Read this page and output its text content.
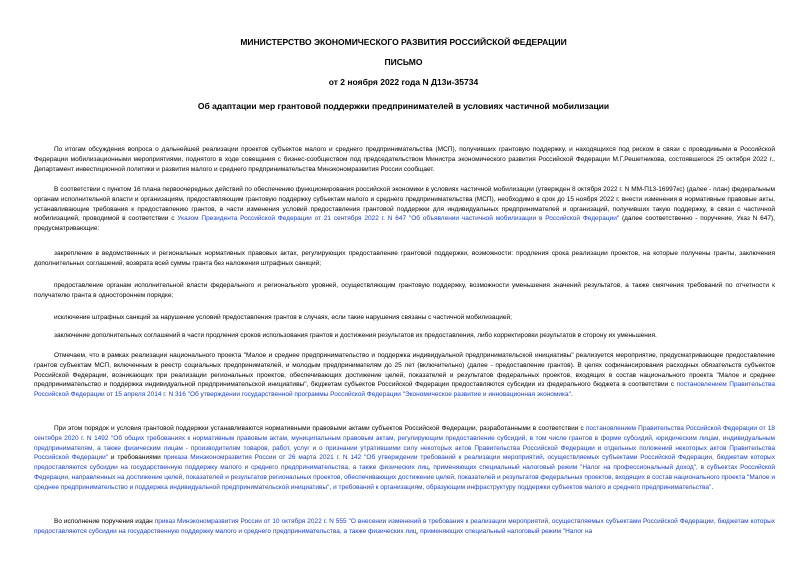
МИНИСТЕРСТВО ЭКОНОМИЧЕСКОГО РАЗВИТИЯ РОССИЙСКОЙ ФЕДЕРАЦИИ
ПИСЬМО
от 2 ноября 2022 года N Д13и-35734
Об адаптации мер грантовой поддержки предпринимателей в условиях частичной мобилизации
По итогам обсуждения вопроса о дальнейшей реализации проектов субъектов малого и среднего предпринимательства (МСП), получивших грантовую поддержку, и находящихся под риском в связи с проводимыми в Российской Федерации мобилизационными мероприятиями, поднятого в ходе совещания с бизнес-сообществом под председательством Министра экономического развития Российской Федерации М.Г.Решетникова, состоявшегося 25 октября 2022 г., Департамент инвестиционной политики и развития малого и среднего предпринимательства Минэкономразвития России сообщает.
В соответствии с пунктом 16 плана первоочередных действий по обеспечению функционирования российской экономики в условиях частичной мобилизации (утвержден 8 октября 2022 г. N ММ-П13-16997кс) (далее - план) федеральным органам исполнительной власти и организациям, предоставляющим грантовую поддержку субъектам малого и среднего предпринимательства (МСП), необходимо в срок до 15 ноября 2022 г. внести изменения в нормативные правовые акты, устанавливающие требования к предоставлению грантов, в части изменения условий предоставления грантовой поддержки для индивидуальных предпринимателей и организаций, получивших такую поддержку, в связи с частичной мобилизацией, проводимой в соответствии с Указом Президента Российской Федерации от 21 сентября 2022 г. N 647 "Об объявлении частичной мобилизации в Российской Федерации" (далее соответственно - поручение, Указ N 647), предусматривающие:
закрепление в ведомственных и региональных нормативных правовых актах, регулирующих предоставление грантовой поддержки, возможности: продления срока реализации проектов, на которые получены гранты, заключения дополнительных соглашений, возврата всей суммы гранта без наложения штрафных санкций;
предоставление органам исполнительной власти федерального и регионального уровней, осуществляющим грантовую поддержку, возможности уменьшения значений результатов, а также смягчения требований по отчетности к получателю гранта в одностороннем порядке;
исключение штрафных санкций за нарушение условий предоставления грантов в случаях, если такие нарушения связаны с частичной мобилизацией;
заключение дополнительных соглашений в части продления сроков использования грантов и достижения результатов их предоставления, либо корректировки результатов в сторону их уменьшения.
Отмечаем, что в рамках реализации национального проекта "Малое и среднее предпринимательство и поддержка индивидуальной предпринимательской инициативы" реализуется мероприятие, предусматривающее предоставление грантов субъектам МСП, включенным в реестр социальных предпринимателей, и молодым предпринимателям до 25 лет (включительно) (далее - предоставление грантов). В целях софинансирования расходных обязательств субъектов Российской Федерации, возникающих при реализации региональных проектов, обеспечивающих достижение целей, показателей и результатов федеральных проектов, входящих в состав национального проекта "Малое и среднее предпринимательство и поддержка индивидуальной предпринимательской инициативы", бюджетам субъектов Российской Федерации предоставляются субсидии из федерального бюджета в соответствии с постановлением Правительства Российской Федерации от 15 апреля 2014 г. N 316 "Об утверждении государственной программы Российской Федерации "Экономическое развитие и инновационная экономика".
При этом порядок и условия грантовой поддержки устанавливаются нормативными правовыми актами субъектов Российской Федерации, разработанными в соответствии с постановлением Правительства Российской Федерации от 18 сентября 2020 г. N 1492 "Об общих требованиях к нормативным правовым актам, муниципальным правовым актам, регулирующим предоставление субсидий, в том числе грантов в форме субсидий, юридическим лицам, индивидуальным предпринимателям, а также физическим лицам - производителям товаров, работ, услуг и о признании утратившими силу некоторых актов Правительства Российской Федерации и отдельных положений некоторых актов Правительства Российской Федерации" и требованиями приказа Минэкономразвития России от 26 марта 2021 г. N 142 "Об утверждении требований к реализации мероприятий, осуществляемых субъектами Российской Федерации, бюджетам которых предоставляются субсидии на государственную поддержку малого и среднего предпринимательства, а также физических лиц, применяющих специальный налоговый режим "Налог на профессиональный доход", в субъектах Российской Федерации, направленных на достижение целей, показателей и результатов региональных проектов, обеспечивающих достижение целей, показателей и результатов федеральных проектов, входящих в состав национального проекта "Малое и среднее предпринимательство и поддержка индивидуальной предпринимательской инициативы", и требований к организациям, образующим инфраструктуру поддержки субъектов малого и среднего предпринимательства".
Во исполнение поручения издан приказ Минэкономразвития России от 10 октября 2022 г. N 555 "О внесении изменений в требования к реализации мероприятий, осуществляемых субъектами Российской Федерации, бюджетам которых предоставляются субсидии на государственную поддержку малого и среднего предпринимательства, а также физических лиц, применяющих специальный налоговый режим "Налог на
